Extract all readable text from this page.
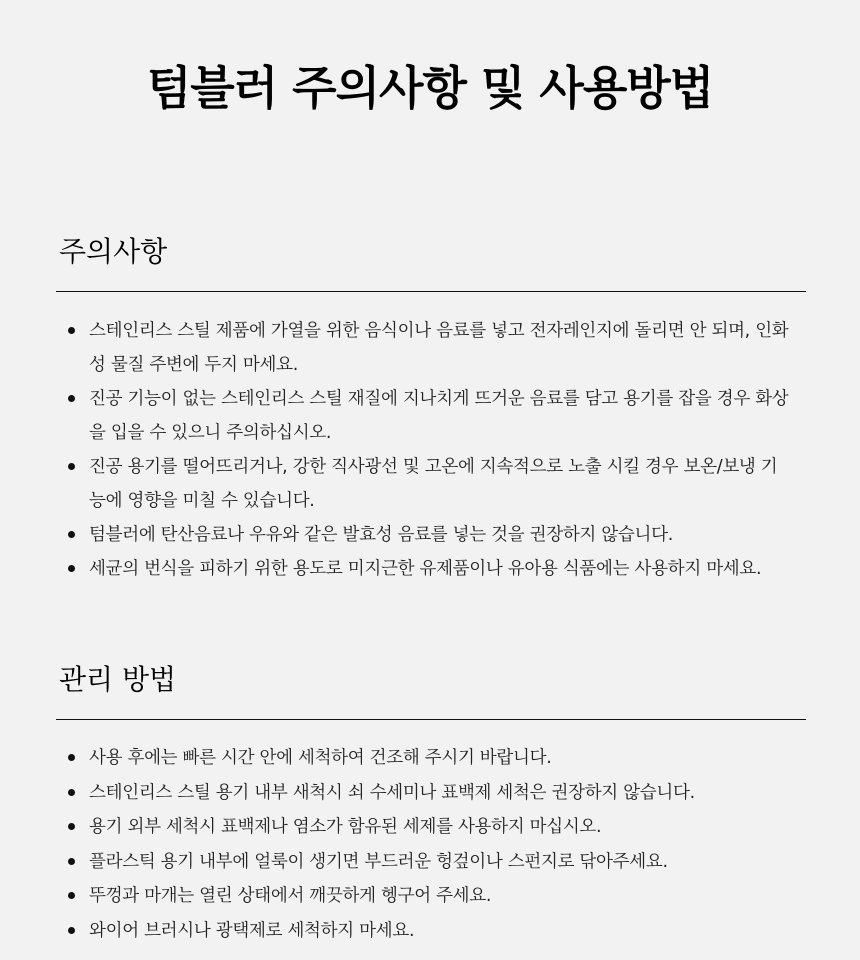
텀블러 주의사항 및 사용방법
주의사항
스테인리스 스틸 제품에 가열을 위한 음식이나 음료를 넣고 전자레인지에 돌리면 안 되며, 인화성 물질 주변에 두지 마세요.
진공 기능이 없는 스테인리스 스틸 재질에 지나치게 뜨거운 음료를 담고 용기를 잡을 경우 화상을 입을 수 있으니 주의하십시오.
진공 용기를 떨어뜨리거나, 강한 직사광선 및 고온에 지속적으로 노출 시킬 경우 보온/보냉 기능에 영향을 미칠 수 있습니다.
텀블러에 탄산음료나 우유와 같은 발효성 음료를 넣는 것을 권장하지 않습니다.
세균의 번식을 피하기 위한 용도로 미지근한 유제품이나 유아용 식품에는 사용하지 마세요.
관리 방법
사용 후에는 빠른 시간 안에 세척하여 건조해 주시기 바랍니다.
스테인리스 스틸 용기 내부 새척시 쇠 수세미나 표백제 세척은 권장하지 않습니다.
용기 외부 세척시 표백제나 염소가 함유된 세제를 사용하지 마십시오.
플라스틱 용기 내부에 얼룩이 생기면 부드러운 헝겊이나 스펀지로 닦아주세요.
뚜껑과 마개는 열린 상태에서 깨끗하게 헹구어 주세요.
와이어 브러시나 광택제로 세척하지 마세요.
